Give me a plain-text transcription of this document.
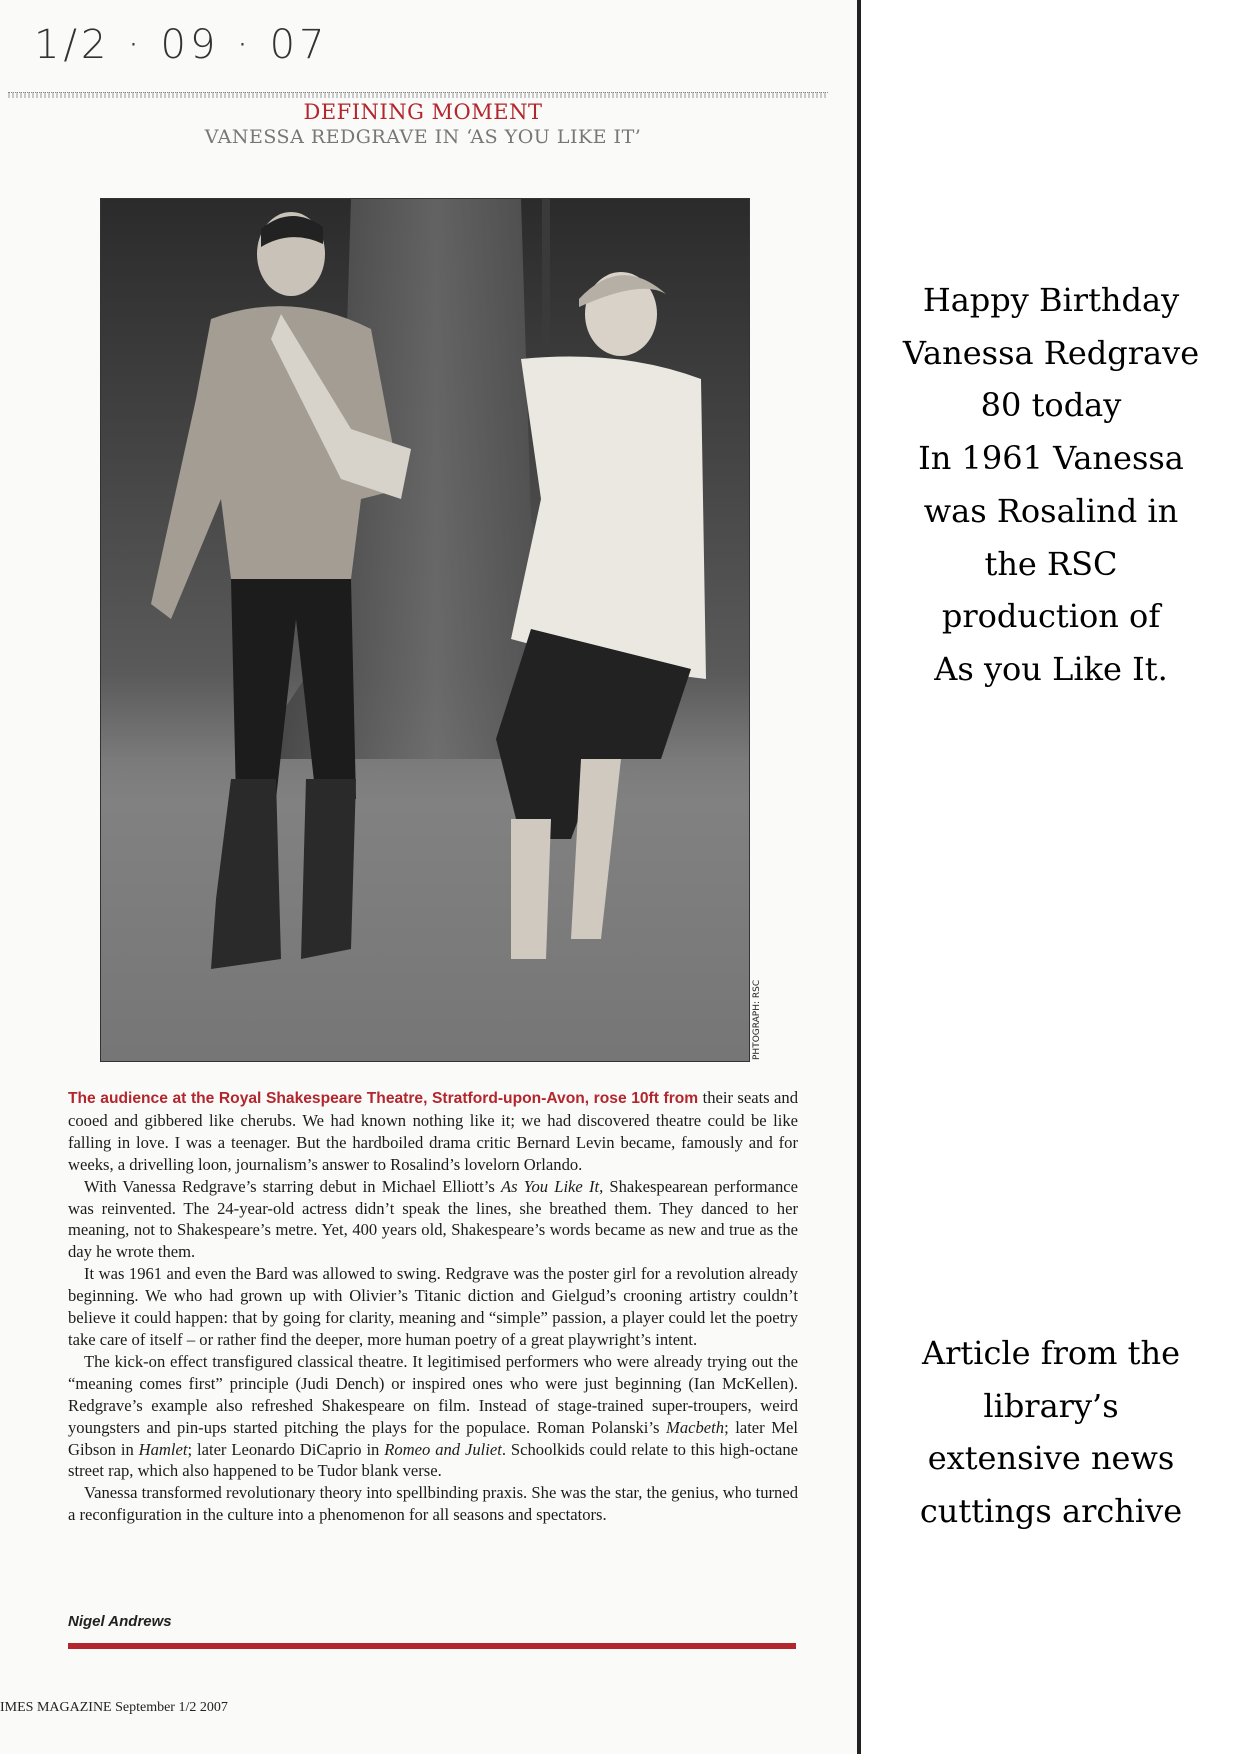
1/2 · 09 · 07
DEFINING MOMENT
VANESSA REDGRAVE IN ‘AS YOU LIKE IT’
PHTOGRAPH: RSC

The audience at the Royal Shakespeare Theatre, Stratford-upon-Avon, rose 10ft from their seats and cooed and gibbered like cherubs. We had known nothing like it; we had discovered theatre could be like falling in love. I was a teenager. But the hardboiled drama critic Bernard Levin became, famously and for weeks, a drivelling loon, journalism’s answer to Rosalind’s lovelorn Orlando.

With Vanessa Redgrave’s starring debut in Michael Elliott’s As You Like It, Shakespearean performance was reinvented. The 24-year-old actress didn’t speak the lines, she breathed them. They danced to her meaning, not to Shakespeare’s metre. Yet, 400 years old, Shakespeare’s words became as new and true as the day he wrote them.

It was 1961 and even the Bard was allowed to swing. Redgrave was the poster girl for a revolution already beginning. We who had grown up with Olivier’s Titanic diction and Gielgud’s crooning artistry couldn’t believe it could happen: that by going for clarity, meaning and “simple” passion, a player could let the poetry take care of itself – or rather find the deeper, more human poetry of a great playwright’s intent.

The kick-on effect transfigured classical theatre. It legitimised performers who were already trying out the “meaning comes first” principle (Judi Dench) or inspired ones who were just beginning (Ian McKellen). Redgrave’s example also refreshed Shakespeare on film. Instead of stage-trained super-troupers, weird youngsters and pin-ups started pitching the plays for the populace. Roman Polanski’s Macbeth; later Mel Gibson in Hamlet; later Leonardo DiCaprio in Romeo and Juliet. Schoolkids could relate to this high-octane street rap, which also happened to be Tudor blank verse.

Vanessa transformed revolutionary theory into spellbinding praxis. She was the star, the genius, who turned a reconfiguration in the culture into a phenomenon for all seasons and spectators.

Nigel Andrews
IMES MAGAZINE September 1/2 2007
Happy Birthday
Vanessa Redgrave
80 today
In 1961 Vanessa
was Rosalind in
the RSC
production of
As you Like It.
Article from the
library’s
extensive news
cuttings archive
